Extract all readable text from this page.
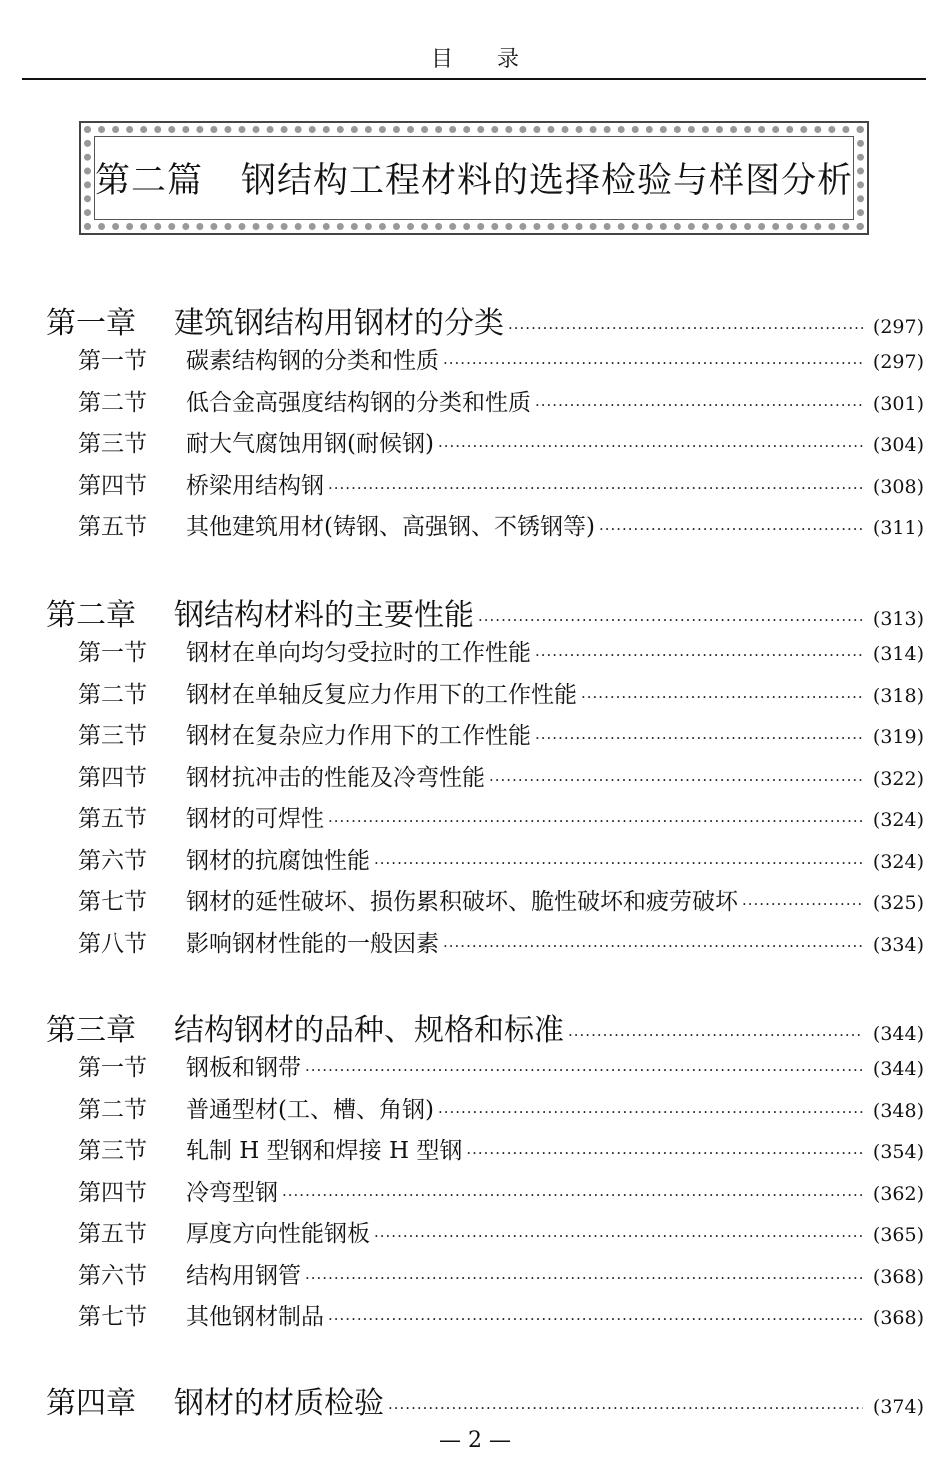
目　　录
第二篇 钢结构工程材料的选择检验与样图分析
第一章	建筑钢结构用钢材的分类 ·····	(297)
第一节	碳素结构钢的分类和性质 ·····	(297)
第二节	低合金高强度结构钢的分类和性质 ·····	(301)
第三节	耐大气腐蚀用钢(耐候钢) ·····	(304)
第四节	桥梁用结构钢 ·····	(308)
第五节	其他建筑用材(铸钢、高强钢、不锈钢等) ·····	(311)
第二章	钢结构材料的主要性能 ·····	(313)
第一节	钢材在单向均匀受拉时的工作性能 ·····	(314)
第二节	钢材在单轴反复应力作用下的工作性能 ·····	(318)
第三节	钢材在复杂应力作用下的工作性能 ·····	(319)
第四节	钢材抗冲击的性能及冷弯性能 ·····	(322)
第五节	钢材的可焊性 ·····	(324)
第六节	钢材的抗腐蚀性能 ·····	(324)
第七节	钢材的延性破坏、损伤累积破坏、脆性破坏和疲劳破坏 ·····	(325)
第八节	影响钢材性能的一般因素 ·····	(334)
第三章	结构钢材的品种、规格和标准 ·····	(344)
第一节	钢板和钢带 ·····	(344)
第二节	普通型材(工、槽、角钢) ·····	(348)
第三节	轧制 H 型钢和焊接 H 型钢 ·····	(354)
第四节	冷弯型钢 ·····	(362)
第五节	厚度方向性能钢板 ·····	(365)
第六节	结构用钢管 ·····	(368)
第七节	其他钢材制品 ·····	(368)
第四章	钢材的材质检验 ·····	(374)
— 2 —
